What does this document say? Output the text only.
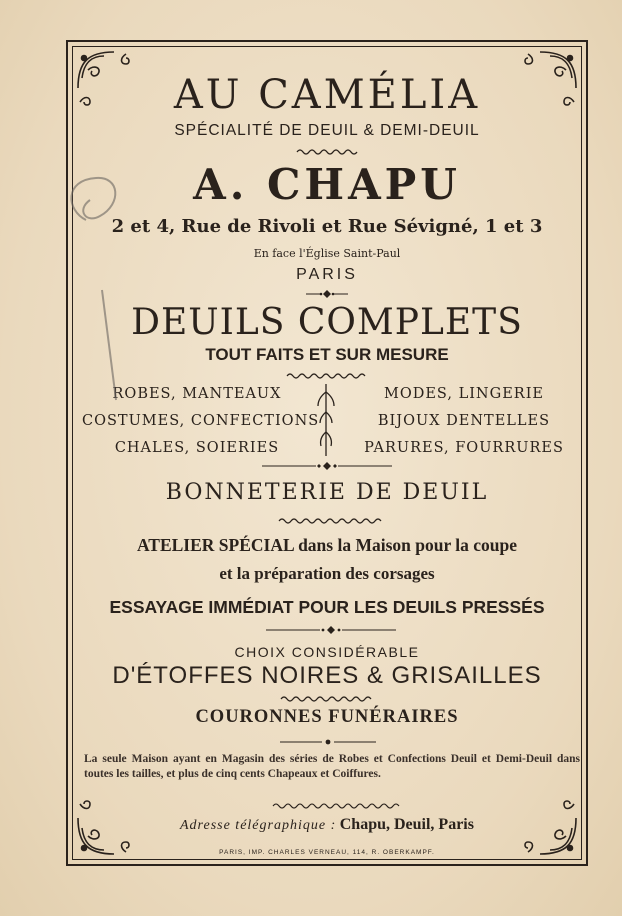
AU CAMÉLIA
SPÉCIALITÉ DE DEUIL & DEMI-DEUIL
A. CHAPU
2 et 4, Rue de Rivoli et Rue Sévigné, 1 et 3
En face l'Église Saint-Paul
PARIS
DEUILS COMPLETS
TOUT FAITS ET SUR MESURE
ROBES, MANTEAUX
COSTUMES, CONFECTIONS
CHALES, SOIERIES
MODES, LINGERIE
BIJOUX DENTELLES
PARURES, FOURRURES
BONNETERIE DE DEUIL
ATELIER SPÉCIAL dans la Maison pour la coupe
et la préparation des corsages
ESSAYAGE IMMÉDIAT POUR LES DEUILS PRESSÉS
CHOIX CONSIDÉRABLE
D'ÉTOFFES NOIRES & GRISAILLES
COURONNES FUNÉRAIRES
La seule Maison ayant en Magasin des séries de Robes et Confections Deuil et Demi-Deuil dans toutes les tailles, et plus de cinq cents Chapeaux et Coiffures.
Adresse télégraphique : Chapu, Deuil, Paris
PARIS, IMP. CHARLES VERNEAU, 114, R. OBERKAMPF.
